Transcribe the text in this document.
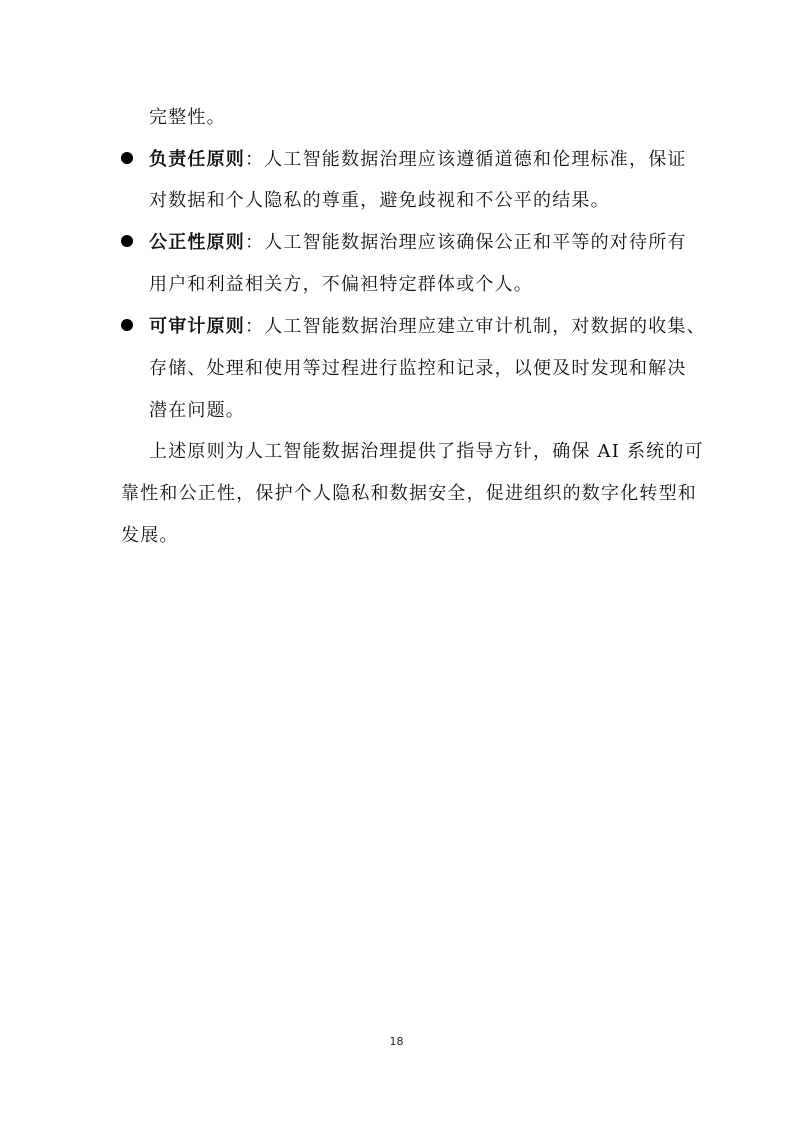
完整性。
负责任原则：人工智能数据治理应该遵循道德和伦理标准，保证
对数据和个人隐私的尊重，避免歧视和不公平的结果。
公正性原则：人工智能数据治理应该确保公正和平等的对待所有
用户和利益相关方，不偏袒特定群体或个人。
可审计原则：人工智能数据治理应建立审计机制，对数据的收集、
存储、处理和使用等过程进行监控和记录，以便及时发现和解决
潜在问题。
上述原则为人工智能数据治理提供了指导方针，确保 AI 系统的可
靠性和公正性，保护个人隐私和数据安全，促进组织的数字化转型和
发展。
18
